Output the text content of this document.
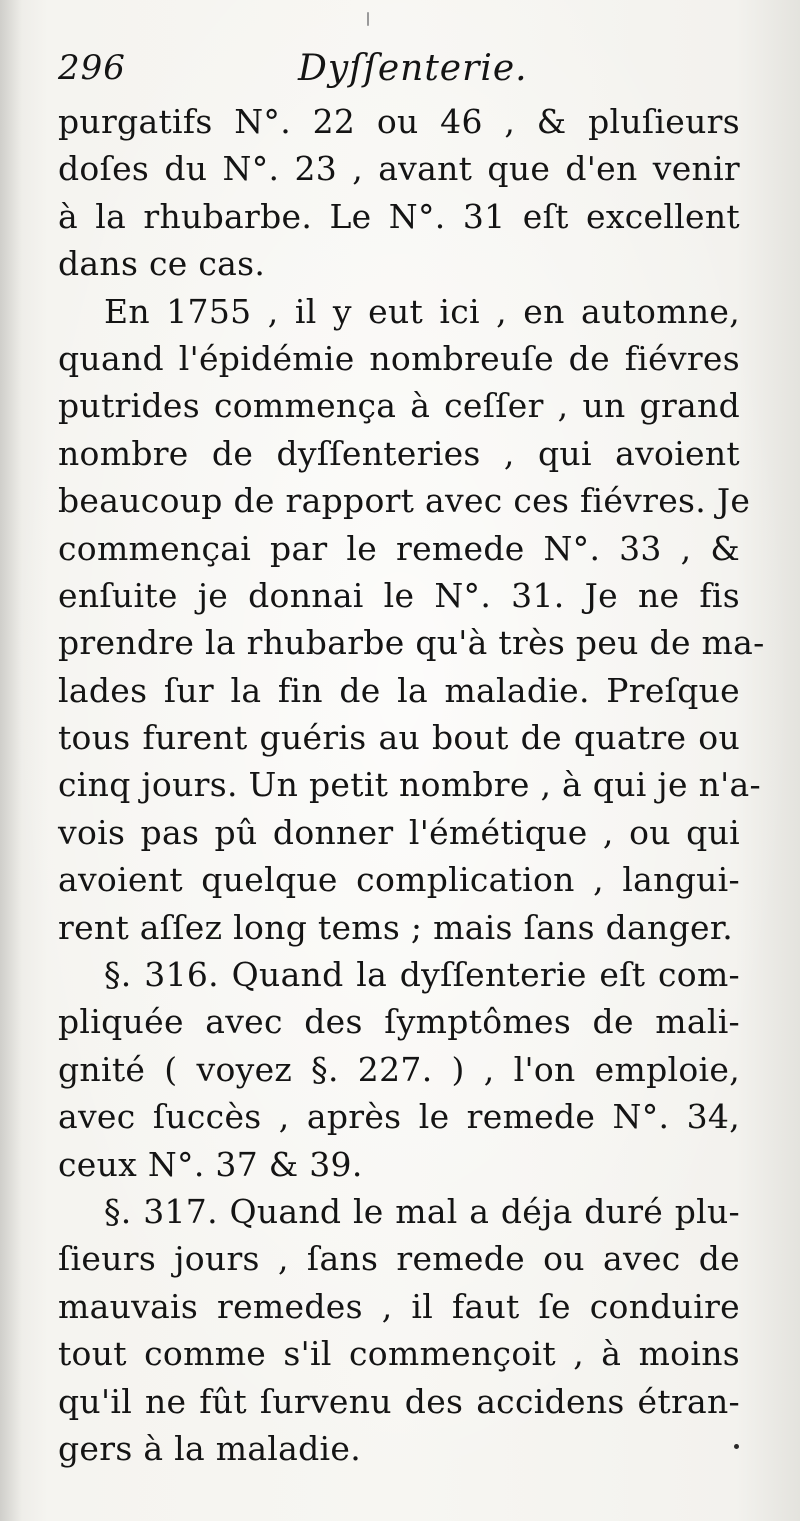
296	Dyſſenterie.
purgatifs N°. 22 ou 46 , & pluſieurs
doſes du N°. 23 , avant que d'en venir
à la rhubarbe. Le N°. 31 eſt excellent
dans ce cas.
En 1755 , il y eut ici , en automne,
quand l'épidémie nombreuſe de fiévres
putrides commença à ceſſer , un grand
nombre de dyſſenteries , qui avoient
beaucoup de rapport avec ces fiévres. Je
commençai par le remede N°. 33 , &
enſuite je donnai le N°. 31. Je ne fis
prendre la rhubarbe qu'à très peu de ma-
lades ſur la fin de la maladie. Preſque
tous furent guéris au bout de quatre ou
cinq jours. Un petit nombre , à qui je n'a-
vois pas pû donner l'émétique , ou qui
avoient quelque complication , langui-
rent aſſez long tems ; mais ſans danger.
§. 316. Quand la dyſſenterie eſt com-
pliquée avec des ſymptômes de mali-
gnité ( voyez §. 227. ) , l'on emploie,
avec ſuccès , après le remede N°. 34,
ceux N°. 37 & 39.
§. 317. Quand le mal a déja duré plu-
ſieurs jours , ſans remede ou avec de
mauvais remedes , il faut ſe conduire
tout comme s'il commençoit , à moins
qu'il ne fût ſurvenu des accidens étran-
gers à la maladie.
